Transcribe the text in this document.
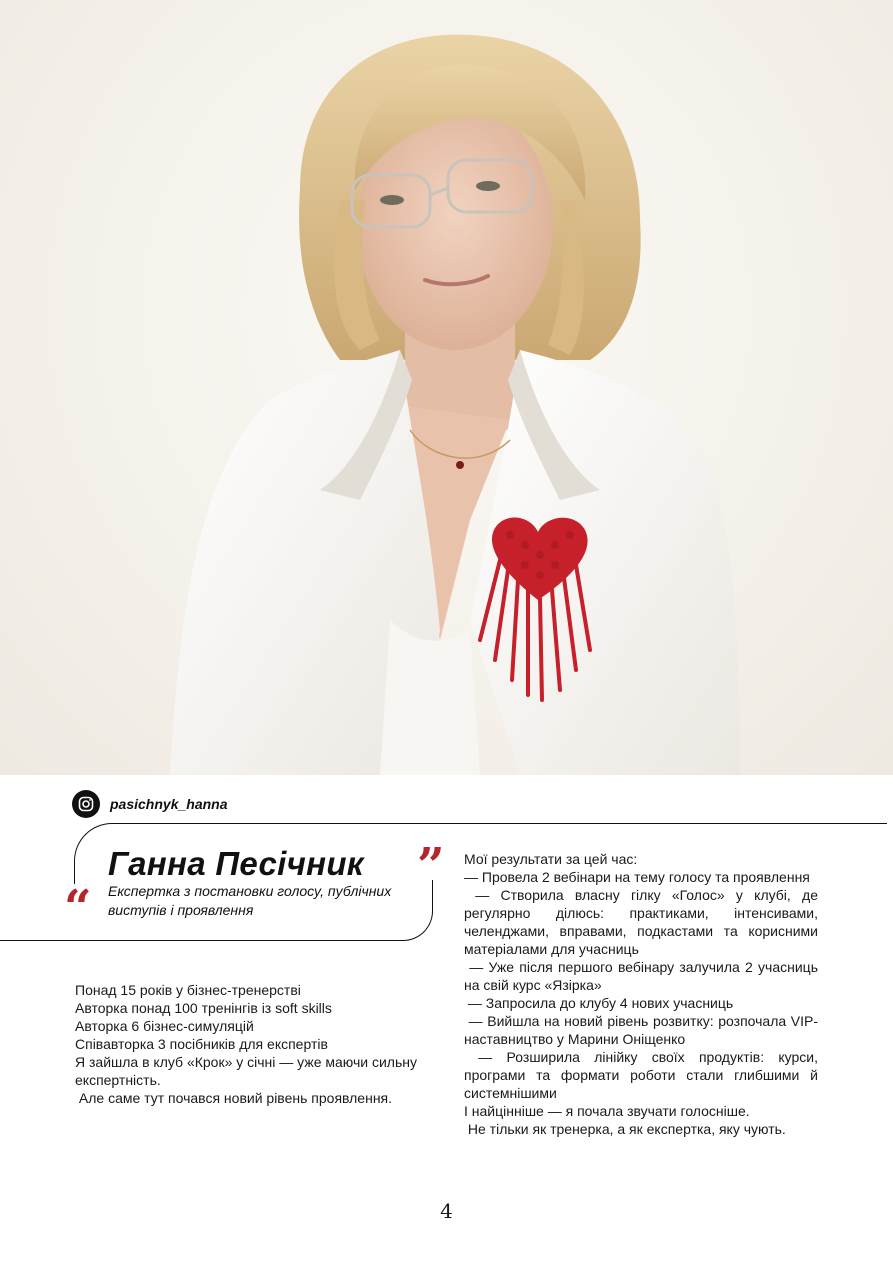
pasichnyk_hanna
Ганна Песічник
Експертка з постановки голосу, публічних виступів і проявлення
“
”
Понад 15 років у бізнес-тренерстві
Авторка понад 100 тренінгів із soft skills
Авторка 6 бізнес-симуляцій
Співавторка 3 посібників для експертів
Я зайшла в клуб «Крок» у січні — уже маючи сильну експертність.
Але саме тут почався новий рівень проявлення.
Мої результати за цей час:
— Провела 2 вебінари на тему голосу та проявлення
— Створила власну гілку «Голос» у клубі, де регулярно ділюсь: практиками, інтенсивами, челенджами, вправами, подкастами та корисними матеріалами для учасниць
— Уже після першого вебінару залучила 2 учасниць на свій курс «Язірка»
— Запросила до клубу 4 нових учасниць
— Вийшла на новий рівень розвитку: розпочала VIP-наставництво у Марини Оніщенко
— Розширила лінійку своїх продуктів: курси, програми та формати роботи стали глибшими й системнішими
І найцінніше — я почала звучати голосніше.
Не тільки як тренерка, а як експертка, яку чують.
4
